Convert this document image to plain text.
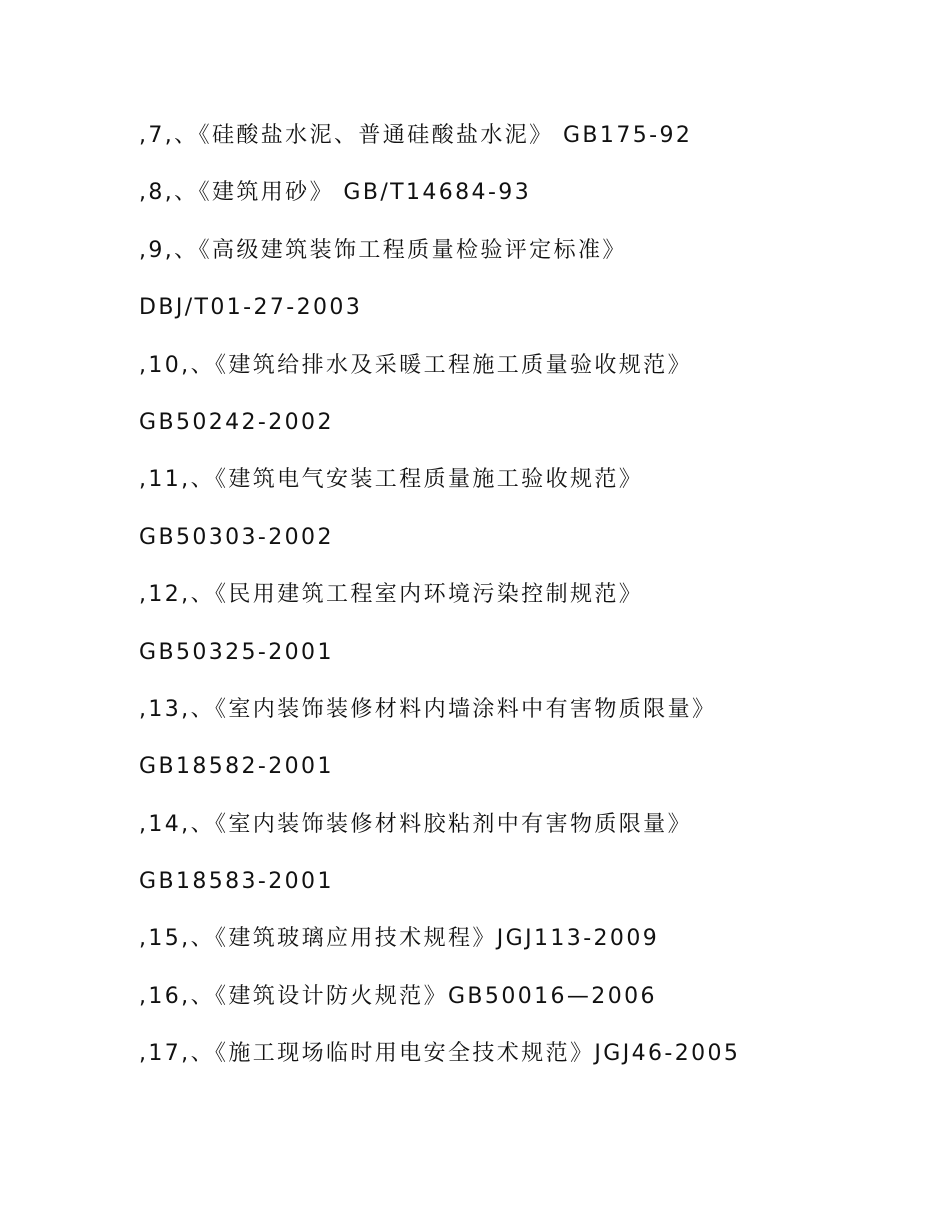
,7,、《硅酸盐水泥、普通硅酸盐水泥》 GB175-92
,8,、《建筑用砂》 GB/T14684-93
,9,、《高级建筑装饰工程质量检验评定标准》
DBJ/T01-27-2003
,10,、《建筑给排水及采暖工程施工质量验收规范》
GB50242-2002
,11,、《建筑电气安装工程质量施工验收规范》
GB50303-2002
,12,、《民用建筑工程室内环境污染控制规范》
GB50325-2001
,13,、《室内装饰装修材料内墙涂料中有害物质限量》
GB18582-2001
,14,、《室内装饰装修材料胶粘剂中有害物质限量》
GB18583-2001
,15,、《建筑玻璃应用技术规程》JGJ113-2009
,16,、《建筑设计防火规范》GB50016—2006
,17,、《施工现场临时用电安全技术规范》JGJ46-2005
